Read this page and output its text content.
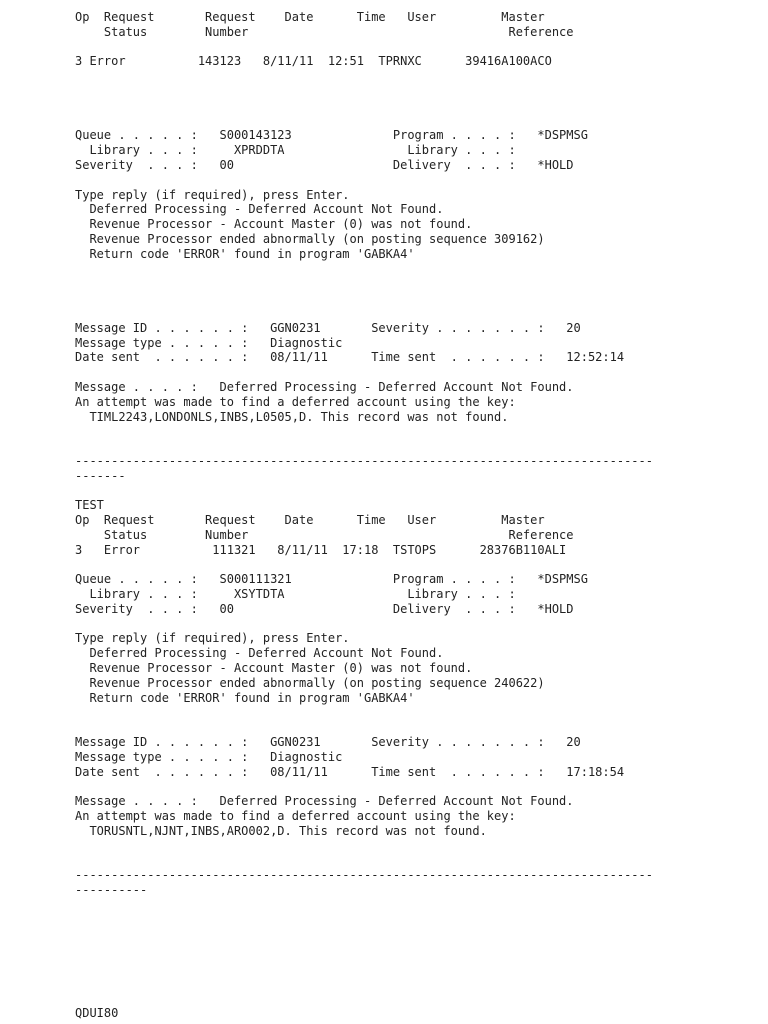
Op  Request       Request    Date      Time   User         Master
Status        Number                                    Reference
3 Error          143123   8/11/11  12:51  TPRNXC      39416A100ACO
Queue . . . . . :   S000143123              Program . . . . :   *DSPMSG
Library . . . :     XPRDDTA                 Library . . . :
Severity  . . . :   00                      Delivery  . . . :   *HOLD
Type reply (if required), press Enter.
Deferred Processing - Deferred Account Not Found.
Revenue Processor - Account Master (0) was not found.
Revenue Processor ended abnormally (on posting sequence 309162)
Return code 'ERROR' found in program 'GABKA4'
Message ID . . . . . . :   GGN0231       Severity . . . . . . . :   20
Message type . . . . . :   Diagnostic
Date sent  . . . . . . :   08/11/11      Time sent  . . . . . . :   12:52:14
Message . . . . :   Deferred Processing - Deferred Account Not Found.
An attempt was made to find a deferred account using the key:
TIML2243,LONDONLS,INBS,L0505,D. This record was not found.
--------------------------------------------------------------------------------
-------
TEST
Op  Request       Request    Date      Time   User         Master
Status        Number                                    Reference
3   Error          111321   8/11/11  17:18  TSTOPS      28376B110ALI
Queue . . . . . :   S000111321              Program . . . . :   *DSPMSG
Library . . . :     XSYTDTA                 Library . . . :
Severity  . . . :   00                      Delivery  . . . :   *HOLD
Type reply (if required), press Enter.
Deferred Processing - Deferred Account Not Found.
Revenue Processor - Account Master (0) was not found.
Revenue Processor ended abnormally (on posting sequence 240622)
Return code 'ERROR' found in program 'GABKA4'
Message ID . . . . . . :   GGN0231       Severity . . . . . . . :   20
Message type . . . . . :   Diagnostic
Date sent  . . . . . . :   08/11/11      Time sent  . . . . . . :   17:18:54
Message . . . . :   Deferred Processing - Deferred Account Not Found.
An attempt was made to find a deferred account using the key:
TORUSNTL,NJNT,INBS,ARO002,D. This record was not found.
--------------------------------------------------------------------------------
----------
QDUI80
